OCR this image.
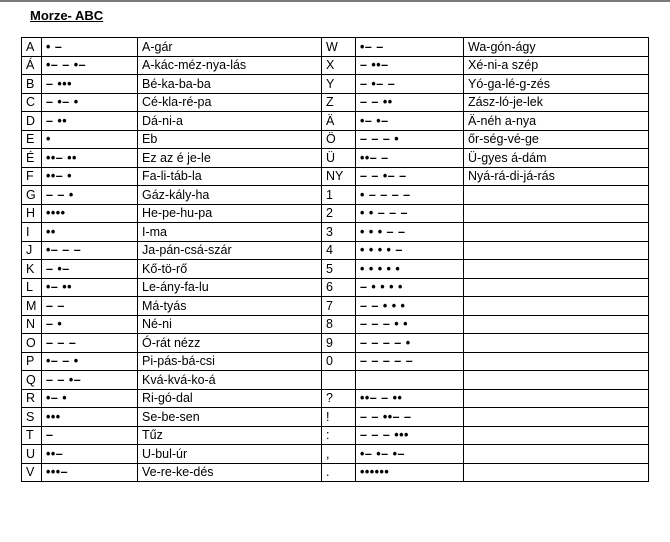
Morze- ABC
A	• –	A-gár	W	•– –	Wa-gón-ágy
Á	•– – •–	A-kác-méz-nya-lás	X	– ••–	Xé-ni-a szép
B	– •••	Bé-ka-ba-ba	Y	– •– –	Yó-ga-lé-g-zés
C	– •– •	Cé-kla-ré-pa	Z	– – ••	Zász-ló-je-lek
D	– ••	Dá-ni-a	Ä	•– •–	Ä-néh a-nya
E	•	Eb	Ö	– – – •	őr-ség-vé-ge
É	••– ••	Ez az é je-le	Ü	••– –	Ü-gyes á-dám
F	••– •	Fa-li-táb-la	NY	– – •– –	Nyá-rá-di-já-rás
G	– – •	Gáz-kály-ha	1	• – – – –	
H	••••	He-pe-hu-pa	2	• • – – –	
I	••	I-ma	3	• • • – –	
J	•– – –	Ja-pán-csá-szár	4	• • • • –	
K	– •–	Kő-tö-rő	5	• • • • •	
L	•– ••	Le-ány-fa-lu	6	– • • • •	
M	– –	Má-tyás	7	– – • • •	
N	– •	Né-ni	8	– – – • •	
O	– – –	Ó-rát nézz	9	– – – – •	
P	•– – •	Pi-pás-bá-csi	0	– – – – –	
Q	– – •–	Kvá-kvá-ko-á			
R	•– •	Ri-gó-dal	?	••– – ••	
S	•••	Se-be-sen	!	– – ••– –	
T	–	Tűz	:	– – – •••	
U	••–	U-bul-úr	,	•– •– •–	
V	•••–	Ve-re-ke-dés	.	••••••	
